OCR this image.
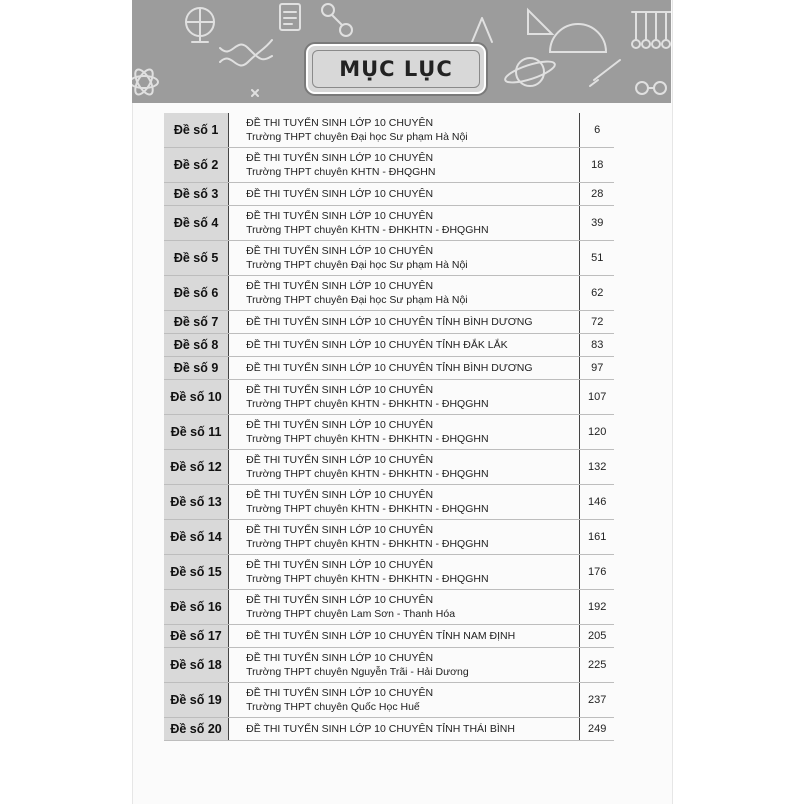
MỤC LỤC
Đề số 1	ĐỀ THI TUYỂN SINH LỚP 10 CHUYÊN
Trường THPT chuyên Đại học Sư phạm Hà Nội	6
Đề số 2	ĐỀ THI TUYỂN SINH LỚP 10 CHUYÊN
Trường THPT chuyên KHTN - ĐHQGHN	18
Đề số 3	ĐỀ THI TUYỂN SINH LỚP 10 CHUYÊN	28
Đề số 4	ĐỀ THI TUYỂN SINH LỚP 10 CHUYÊN
Trường THPT chuyên KHTN - ĐHKHTN - ĐHQGHN	39
Đề số 5	ĐỀ THI TUYỂN SINH LỚP 10 CHUYÊN
Trường THPT chuyên Đại học Sư phạm Hà Nội	51
Đề số 6	ĐỀ THI TUYỂN SINH LỚP 10 CHUYÊN
Trường THPT chuyên Đại học Sư phạm Hà Nội	62
Đề số 7	ĐỀ THI TUYỂN SINH LỚP 10 CHUYÊN TỈNH BÌNH DƯƠNG	72
Đề số 8	ĐỀ THI TUYỂN SINH LỚP 10 CHUYÊN TỈNH ĐẮK LẮK	83
Đề số 9	ĐỀ THI TUYỂN SINH LỚP 10 CHUYÊN TỈNH BÌNH DƯƠNG	97
Đề số 10	ĐỀ THI TUYỂN SINH LỚP 10 CHUYÊN
Trường THPT chuyên KHTN - ĐHKHTN - ĐHQGHN	107
Đề số 11	ĐỀ THI TUYỂN SINH LỚP 10 CHUYÊN
Trường THPT chuyên KHTN - ĐHKHTN - ĐHQGHN	120
Đề số 12	ĐỀ THI TUYỂN SINH LỚP 10 CHUYÊN
Trường THPT chuyên KHTN - ĐHKHTN - ĐHQGHN	132
Đề số 13	ĐỀ THI TUYỂN SINH LỚP 10 CHUYÊN
Trường THPT chuyên KHTN - ĐHKHTN - ĐHQGHN	146
Đề số 14	ĐỀ THI TUYỂN SINH LỚP 10 CHUYÊN
Trường THPT chuyên KHTN - ĐHKHTN - ĐHQGHN	161
Đề số 15	ĐỀ THI TUYỂN SINH LỚP 10 CHUYÊN
Trường THPT chuyên KHTN - ĐHKHTN - ĐHQGHN	176
Đề số 16	ĐỀ THI TUYỂN SINH LỚP 10 CHUYÊN
Trường THPT chuyên Lam Sơn - Thanh Hóa	192
Đề số 17	ĐỀ THI TUYỂN SINH LỚP 10 CHUYÊN TỈNH NAM ĐỊNH	205
Đề số 18	ĐỀ THI TUYỂN SINH LỚP 10 CHUYÊN
Trường THPT chuyên Nguyễn Trãi - Hải Dương	225
Đề số 19	ĐỀ THI TUYỂN SINH LỚP 10 CHUYÊN
Trường THPT chuyên Quốc Học Huế	237
Đề số 20	ĐỀ THI TUYỂN SINH LỚP 10 CHUYÊN TỈNH THÁI BÌNH	249
